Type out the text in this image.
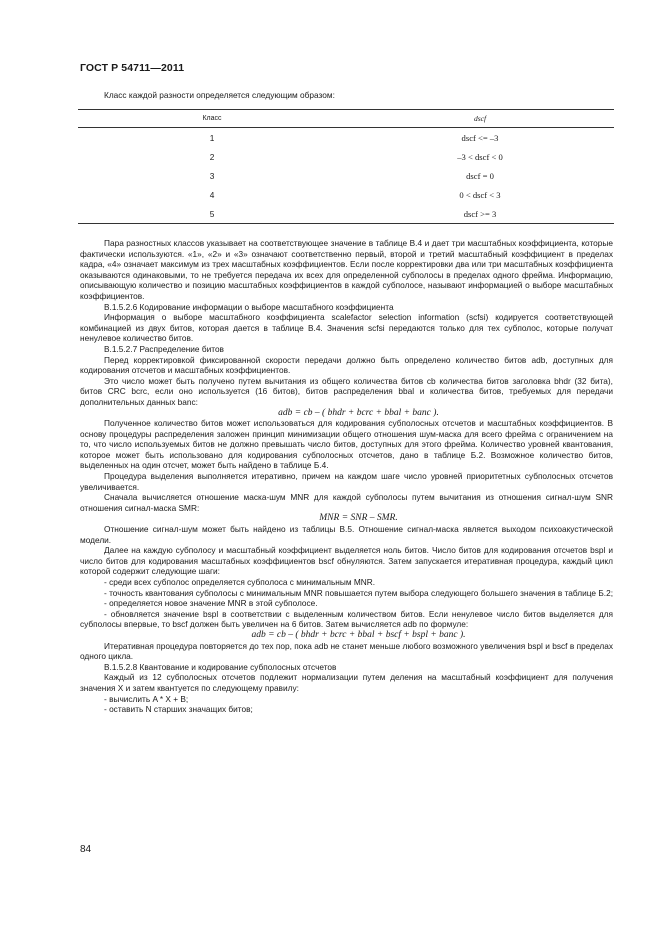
ГОСТ Р 54711—2011
Класс каждой разности определяется следующим образом:
Класс	dscf
1	dscf <= –3
2	–3 < dscf < 0
3	dscf = 0
4	0 < dscf < 3
5	dscf >= 3

Пара разностных классов указывает на соответствующее значение в таблице В.4 и дает три масштабных коэффициента, которые фактически используются. «1», «2» и «3» означают соответственно первый, второй и третий масштабный коэффициент в пределах кадра, «4» означает максимум из трех масштабных коэффициентов. Если после корректировки два или три масштабных коэффициента оказываются одинаковыми, то не требуется передача их всех для определенной субполосы в пределах одного фрейма. Информацию, описывающую количество и позицию масштабных коэффициентов в каждой субполосе, называют информацией о выборе масштабных коэффициентов.

В.1.5.2.6 Кодирование информации о выборе масштабного коэффициента

Информация о выборе масштабного коэффициента scalefactor selection information (scfsi) кодируется соответствующей комбинацией из двух битов, которая дается в таблице В.4. Значения scfsi передаются только для тех субполос, которые получат ненулевое количество битов.

В.1.5.2.7 Распределение битов

Перед корректировкой фиксированной скорости передачи должно быть определено количество битов adb, доступных для кодирования отсчетов и масштабных коэффициентов.

Это число может быть получено путем вычитания из общего количества битов cb количества битов заголовка bhdr (32 бита), битов CRC bcrc, если оно используется (16 битов), битов распределения bbal и количества битов, требуемых для передачи дополнительных данных banc:

adb = cb – ( bhdr + bcrc + bbal + banc ).

Полученное количество битов может использоваться для кодирования субполосных отсчетов и масштабных коэффициентов. В основу процедуры распределения заложен принцип минимизации общего отношения шум-маска для всего фрейма с ограничением на то, что число используемых битов не должно превышать число битов, доступных для этого фрейма. Количество уровней квантования, которое может быть использовано для кодирования субполосных отсчетов, дано в таблице Б.2. Возможное количество битов, выделенных на один отсчет, может быть найдено в таблице Б.4.

Процедура выделения выполняется итеративно, причем на каждом шаге число уровней приоритетных субполосных отсчетов увеличивается.

Сначала вычисляется отношение маска-шум MNR для каждой субполосы путем вычитания из отношения сигнал-шум SNR отношения сигнал-маска SMR:

MNR = SNR – SMR.

Отношение сигнал-шум может быть найдено из таблицы В.5. Отношение сигнал-маска является выходом психоакустической модели.

Далее на каждую субполосу и масштабный коэффициент выделяется ноль битов. Число битов для кодирования отсчетов bspl и число битов для кодирования масштабных коэффициентов bscf обнуляются. Затем запускается итеративная процедура, каждый цикл которой содержит следующие шаги:

- среди всех субполос определяется субполоса с минимальным MNR.

- точность квантования субполосы с минимальным MNR повышается путем выбора следующего большего значения в таблице Б.2;

- определяется новое значение MNR в этой субполосе.

- обновляется значение bspl в соответствии с выделенным количеством битов. Если ненулевое число битов выделяется для субполосы впервые, то bscf должен быть увеличен на 6 битов. Затем вычисляется adb по формуле:

adb = cb – ( bhdr + bcrc + bbal + bscf + bspl + banc ).

Итеративная процедура повторяется до тех пор, пока adb не станет меньше любого возможного увеличения bspl и bscf в пределах одного цикла.

В.1.5.2.8 Квантование и кодирование субполосных отсчетов

Каждый из 12 субполосных отсчетов подлежит нормализации путем деления на масштабный коэффициент для получения значения X и затем квантуется по следующему правилу:

- вычислить A * X + B;

- оставить N старших значащих битов;

84
